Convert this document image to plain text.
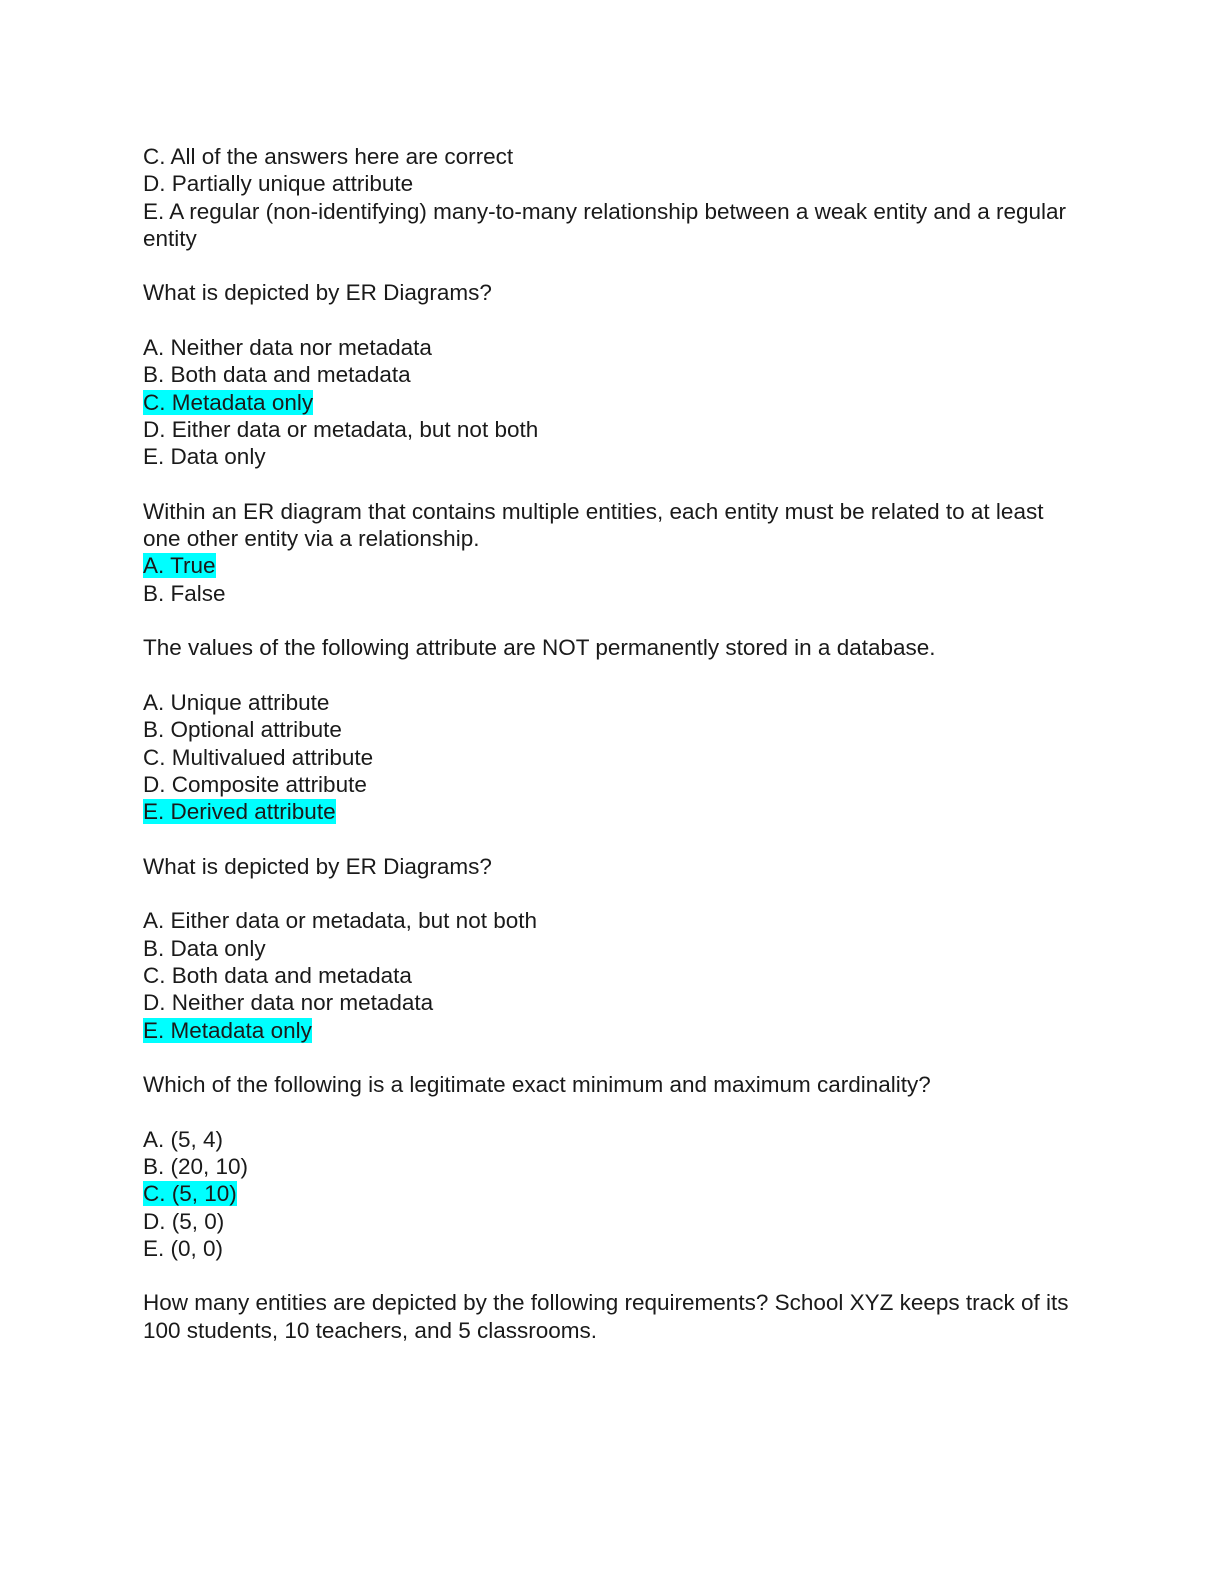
C. All of the answers here are correct
D. Partially unique attribute
E. A regular (non-identifying) many-to-many relationship between a weak entity and a regular entity
What is depicted by ER Diagrams?
A. Neither data nor metadata
B. Both data and metadata
C. Metadata only
D. Either data or metadata, but not both
E. Data only
Within an ER diagram that contains multiple entities, each entity must be related to at least one other entity via a relationship.
A. True
B. False
The values of the following attribute are NOT permanently stored in a database.
A. Unique attribute
B. Optional attribute
C. Multivalued attribute
D. Composite attribute
E. Derived attribute
What is depicted by ER Diagrams?
A. Either data or metadata, but not both
B. Data only
C. Both data and metadata
D. Neither data nor metadata
E. Metadata only
Which of the following is a legitimate exact minimum and maximum cardinality?
A. (5, 4)
B. (20, 10)
C. (5, 10)
D. (5, 0)
E. (0, 0)
How many entities are depicted by the following requirements? School XYZ keeps track of its 100 students, 10 teachers, and 5 classrooms.
